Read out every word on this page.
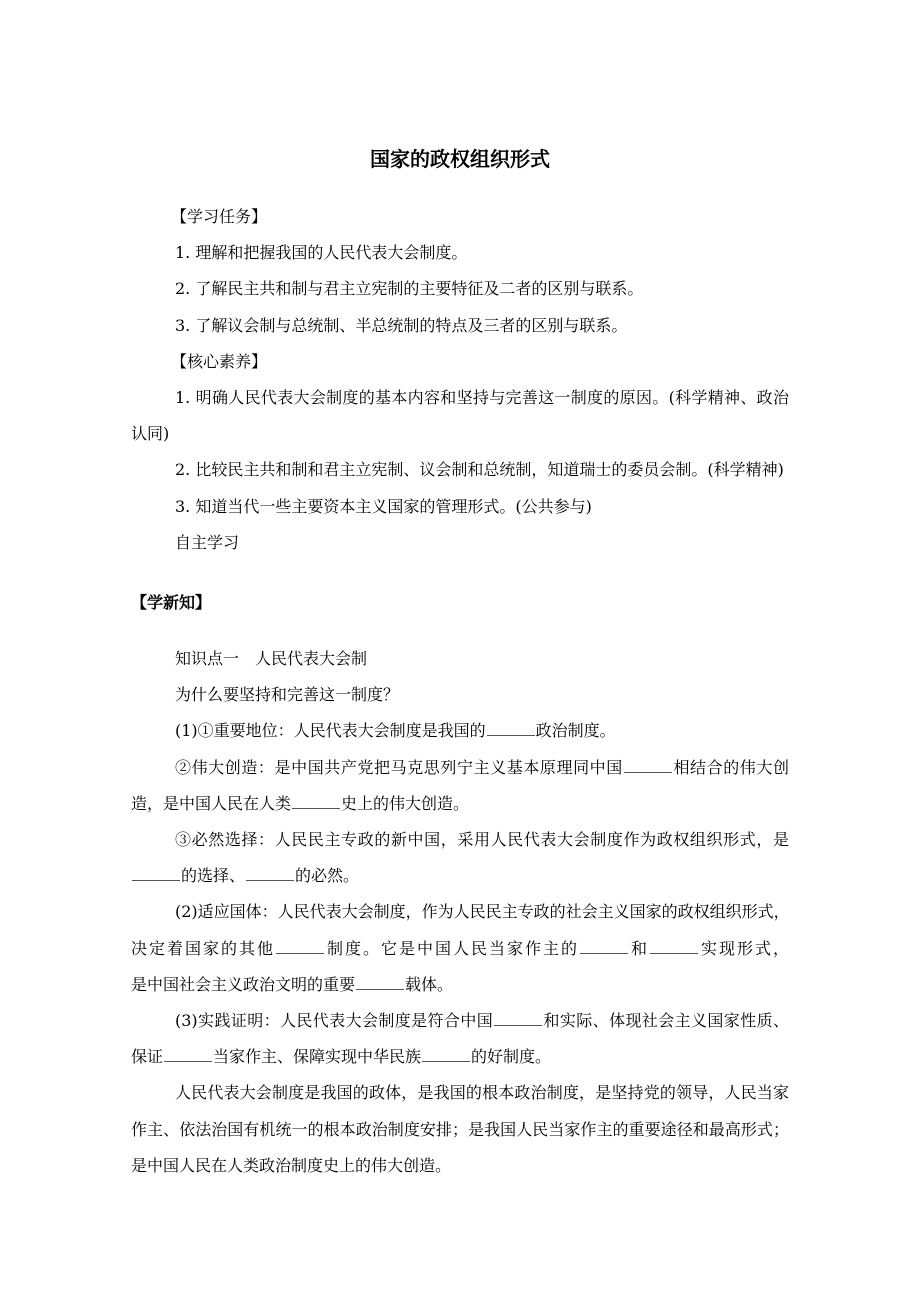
国家的政权组织形式
【学习任务】
1. 理解和把握我国的人民代表大会制度。
2. 了解民主共和制与君主立宪制的主要特征及二者的区别与联系。
3. 了解议会制与总统制、半总统制的特点及三者的区别与联系。
【核心素养】
1. 明确人民代表大会制度的基本内容和坚持与完善这一制度的原因。(科学精神、政治
认同)
2. 比较民主共和制和君主立宪制、议会制和总统制，知道瑞士的委员会制。(科学精神)
3. 知道当代一些主要资本主义国家的管理形式。(公共参与)
自主学习
【学新知】
知识点一　人民代表大会制
为什么要坚持和完善这一制度？
(1)①重要地位：人民代表大会制度是我国的	政治制度。
②伟大创造：是中国共产党把马克思列宁主义基本原理同中国	相结合的伟大创
造，是中国人民在人类	史上的伟大创造。
③必然选择：人民民主专政的新中国，采用人民代表大会制度作为政权组织形式，是
的选择、	的必然。
(2)适应国体：人民代表大会制度，作为人民民主专政的社会主义国家的政权组织形式，
决定着国家的其他	制度。它是中国人民当家作主的	和	实现形式，
是中国社会主义政治文明的重要	载体。
(3)实践证明：人民代表大会制度是符合中国	和实际、体现社会主义国家性质、
保证	当家作主、保障实现中华民族	的好制度。
人民代表大会制度是我国的政体，是我国的根本政治制度，是坚持党的领导，人民当家
作主、依法治国有机统一的根本政治制度安排；是我国人民当家作主的重要途径和最高形式；
是中国人民在人类政治制度史上的伟大创造。
